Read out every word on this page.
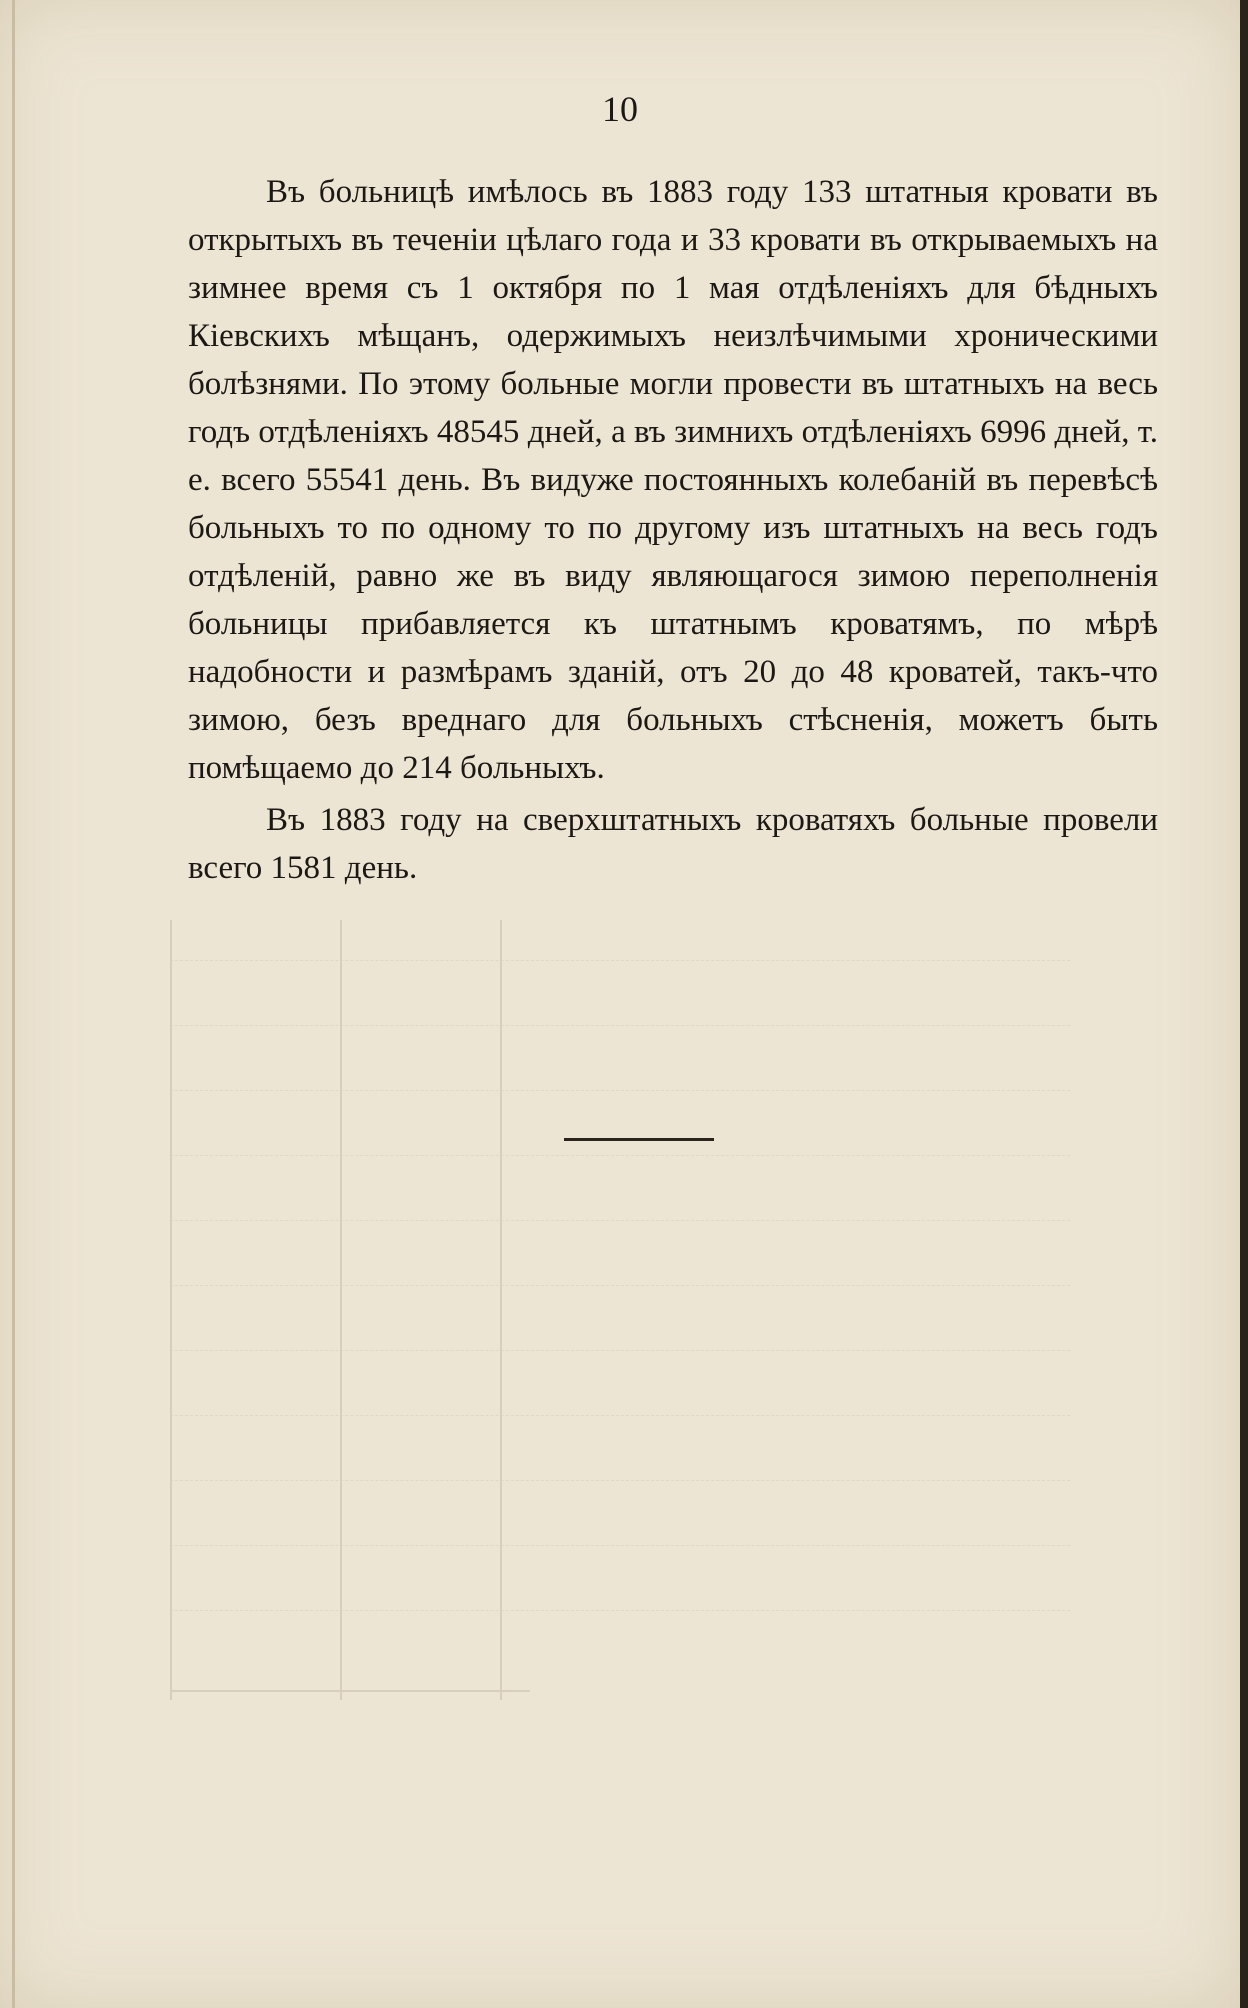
10

Въ больницѣ имѣлось въ 1883 году 133 штатныя кровати въ открытыхъ въ теченіи цѣлаго года и 33 кровати въ открываемыхъ на зимнее время съ 1 октября по 1 мая отдѣленіяхъ для бѣдныхъ Кіевскихъ мѣщанъ, одержимыхъ неизлѣчимыми хроническими болѣзнями. По этому больные могли провести въ штатныхъ на весь годъ отдѣленіяхъ 48545 дней, а въ зимнихъ отдѣленіяхъ 6996 дней, т. е. всего 55541 день. Въ видуже постоянныхъ колебаній въ перевѣсѣ больныхъ то по одному то по другому изъ штатныхъ на весь годъ отдѣленій, равно же въ виду являющагося зимою переполненія больницы прибавляется къ штатнымъ кроватямъ, по мѣрѣ надобности и размѣрамъ зданій, отъ 20 до 48 кроватей, такъ-что зимою, безъ вреднаго для больныхъ стѣсненія, можетъ быть помѣщаемо до 214 больныхъ.

Въ 1883 году на сверхштатныхъ кроватяхъ больные провели всего 1581 день.
